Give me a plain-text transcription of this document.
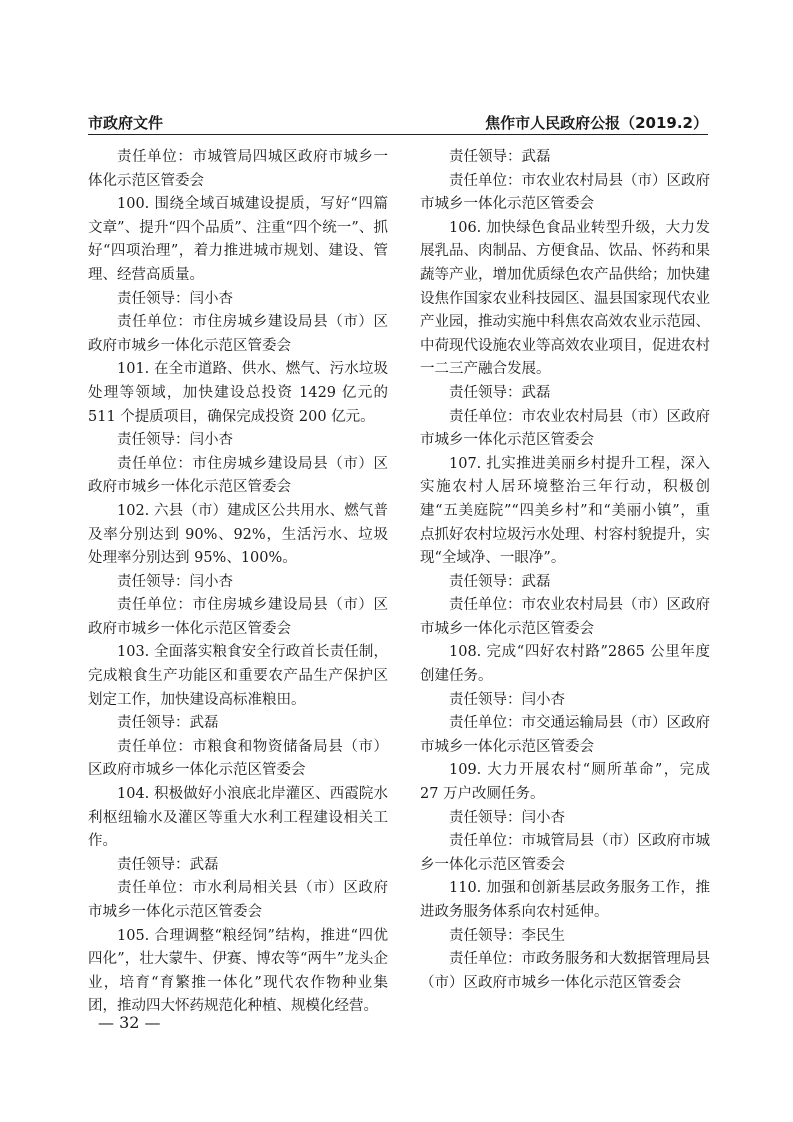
市政府文件	焦作市人民政府公报（2019.2）

责任单位：市城管局四城区政府市城乡一体化示范区管委会

100. 围绕全域百城建设提质，写好“四篇文章”、提升“四个品质”、注重“四个统一”、抓好“四项治理”，着力推进城市规划、建设、管理、经营高质量。

责任领导：闫小杏

责任单位：市住房城乡建设局县（市）区政府市城乡一体化示范区管委会

101. 在全市道路、供水、燃气、污水垃圾处理等领域，加快建设总投资 1429 亿元的 511 个提质项目，确保完成投资 200 亿元。

责任领导：闫小杏

责任单位：市住房城乡建设局县（市）区政府市城乡一体化示范区管委会

102. 六县（市）建成区公共用水、燃气普及率分别达到 90%、92%，生活污水、垃圾处理率分别达到 95%、100%。

责任领导：闫小杏

责任单位：市住房城乡建设局县（市）区政府市城乡一体化示范区管委会

103. 全面落实粮食安全行政首长责任制，完成粮食生产功能区和重要农产品生产保护区划定工作，加快建设高标准粮田。

责任领导：武磊

责任单位：市粮食和物资储备局县（市）区政府市城乡一体化示范区管委会

104. 积极做好小浪底北岸灌区、西霞院水利枢纽输水及灌区等重大水利工程建设相关工作。

责任领导：武磊

责任单位：市水利局相关县（市）区政府市城乡一体化示范区管委会

105. 合理调整“粮经饲”结构，推进“四优四化”，壮大蒙牛、伊赛、博农等“两牛”龙头企业，培育“育繁推一体化”现代农作物种业集团，推动四大怀药规范化种植、规模化经营。

责任领导：武磊

责任单位：市农业农村局县（市）区政府市城乡一体化示范区管委会

106. 加快绿色食品业转型升级，大力发展乳品、肉制品、方便食品、饮品、怀药和果蔬等产业，增加优质绿色农产品供给；加快建设焦作国家农业科技园区、温县国家现代农业产业园，推动实施中科焦农高效农业示范园、中荷现代设施农业等高效农业项目，促进农村一二三产融合发展。

责任领导：武磊

责任单位：市农业农村局县（市）区政府市城乡一体化示范区管委会

107. 扎实推进美丽乡村提升工程，深入实施农村人居环境整治三年行动，积极创建“五美庭院”“四美乡村”和“美丽小镇”，重点抓好农村垃圾污水处理、村容村貌提升，实现“全域净、一眼净”。

责任领导：武磊

责任单位：市农业农村局县（市）区政府市城乡一体化示范区管委会

108. 完成“四好农村路”2865 公里年度创建任务。

责任领导：闫小杏

责任单位：市交通运输局县（市）区政府市城乡一体化示范区管委会

109. 大力开展农村“厕所革命”，完成 27 万户改厕任务。

责任领导：闫小杏

责任单位：市城管局县（市）区政府市城乡一体化示范区管委会

110. 加强和创新基层政务服务工作，推进政务服务体系向农村延伸。

责任领导：李民生

责任单位：市政务服务和大数据管理局县（市）区政府市城乡一体化示范区管委会

— 32 —
